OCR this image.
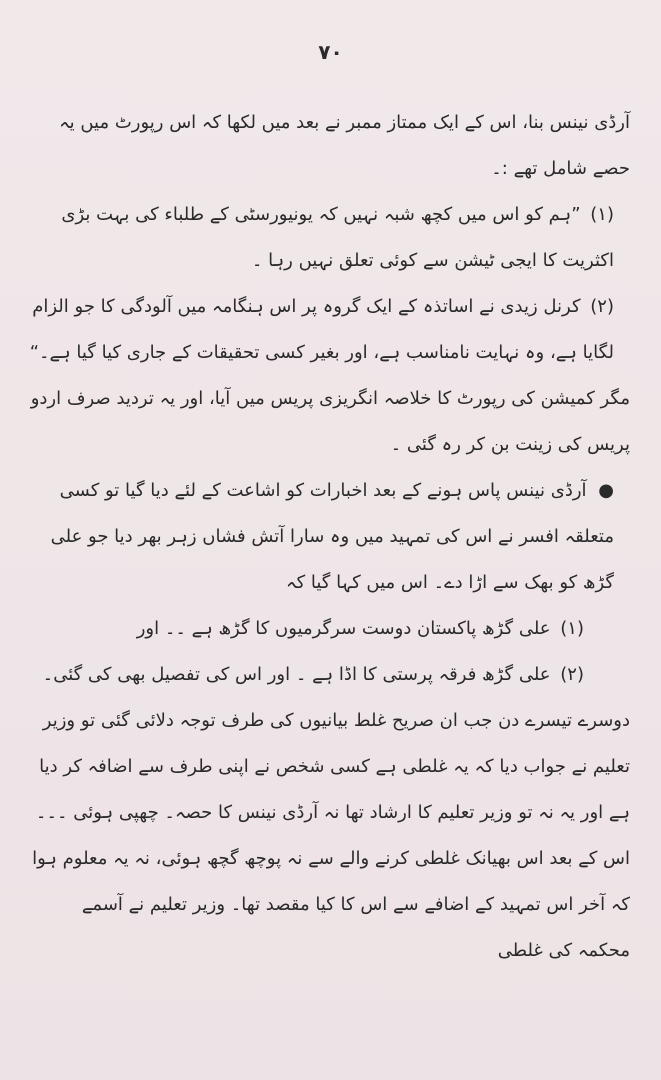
۷۰

آرڈی نینس بنا، اس کے ایک ممتاز ممبر نے بعد میں لکھا کہ اس رپورٹ میں یہ حصے شامل تھے :۔

(۱) ”ہم کو اس میں کچھ شبہ نہیں کہ یونیورسٹی کے طلباء کی بہت بڑی اکثریت کا ایجی ٹیشن سے کوئی تعلق نہیں رہا ۔

(۲) کرنل زیدی نے اساتذہ کے ایک گروہ پر اس ہنگامہ میں آلودگی کا جو الزام لگایا ہے، وہ نہایت نامناسب ہے، اور بغیر کسی تحقیقات کے جاری کیا گیا ہے۔“

مگر کمیشن کی رپورٹ کا خلاصہ انگریزی پریس میں آیا، اور یہ تردید صرف اردو پریس کی زینت بن کر رہ گئی ۔

● آرڈی نینس پاس ہونے کے بعد اخبارات کو اشاعت کے لئے دیا گیا تو کسی متعلقہ افسر نے اس کی تمہید میں وہ سارا آتش فشاں زہر بھر دیا جو علی گڑھ کو بھک سے اڑا دے۔ اس میں کہا گیا کہ

(۱) علی گڑھ پاکستان دوست سرگرمیوں کا گڑھ ہے ۔۔ اور

(۲) علی گڑھ فرقہ پرستی کا اڈا ہے ۔ اور اس کی تفصیل بھی کی گئی۔

دوسرے تیسرے دن جب ان صریح غلط بیانیوں کی طرف توجہ دلائی گئی تو وزیر تعلیم نے جواب دیا کہ یہ غلطی ہے کسی شخص نے اپنی طرف سے اضافہ کر دیا ہے اور یہ نہ تو وزیر تعلیم کا ارشاد تھا نہ آرڈی نینس کا حصہ۔ چھپی ہوئی ۔۔۔ اس کے بعد اس بھیانک غلطی کرنے والے سے نہ پوچھ گچھ ہوئی، نہ یہ معلوم ہوا کہ آخر اس تمہید کے اضافے سے اس کا کیا مقصد تھا۔ وزیر تعلیم نے آسمے محکمہ کی غلطی
